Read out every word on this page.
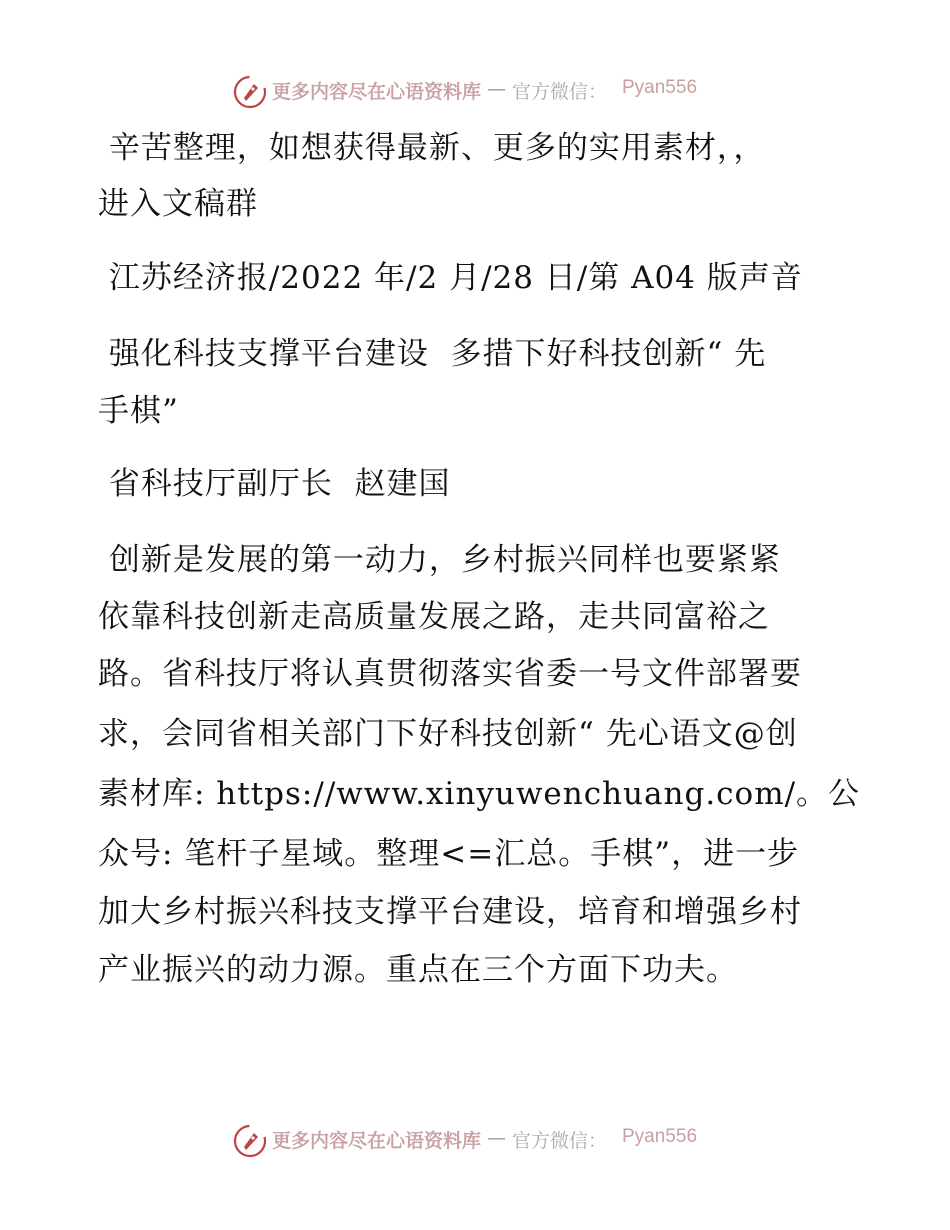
更多内容尽在心语资料库 — 官方微信： Pyan556
辛苦整理，如想获得最新、更多的实用素材，，
进入文稿群
江苏经济报/2022 年/2 月/28 日/第 A04 版声音
强化科技支撑平台建设  多措下好科技创新“ 先
手棋”
省科技厅副厅长  赵建国
创新是发展的第一动力，乡村振兴同样也要紧紧
依靠科技创新走高质量发展之路，走共同富裕之
路。省科技厅将认真贯彻落实省委一号文件部署要
求，会同省相关部门下好科技创新“ 先心语文@创
素材库: https://www.xinyuwenchuang.com/。公
众号: 笔杆子星域。整理<=汇总。手棋”，进一步
加大乡村振兴科技支撑平台建设，培育和增强乡村
产业振兴的动力源。重点在三个方面下功夫。
更多内容尽在心语资料库 — 官方微信： Pyan556
